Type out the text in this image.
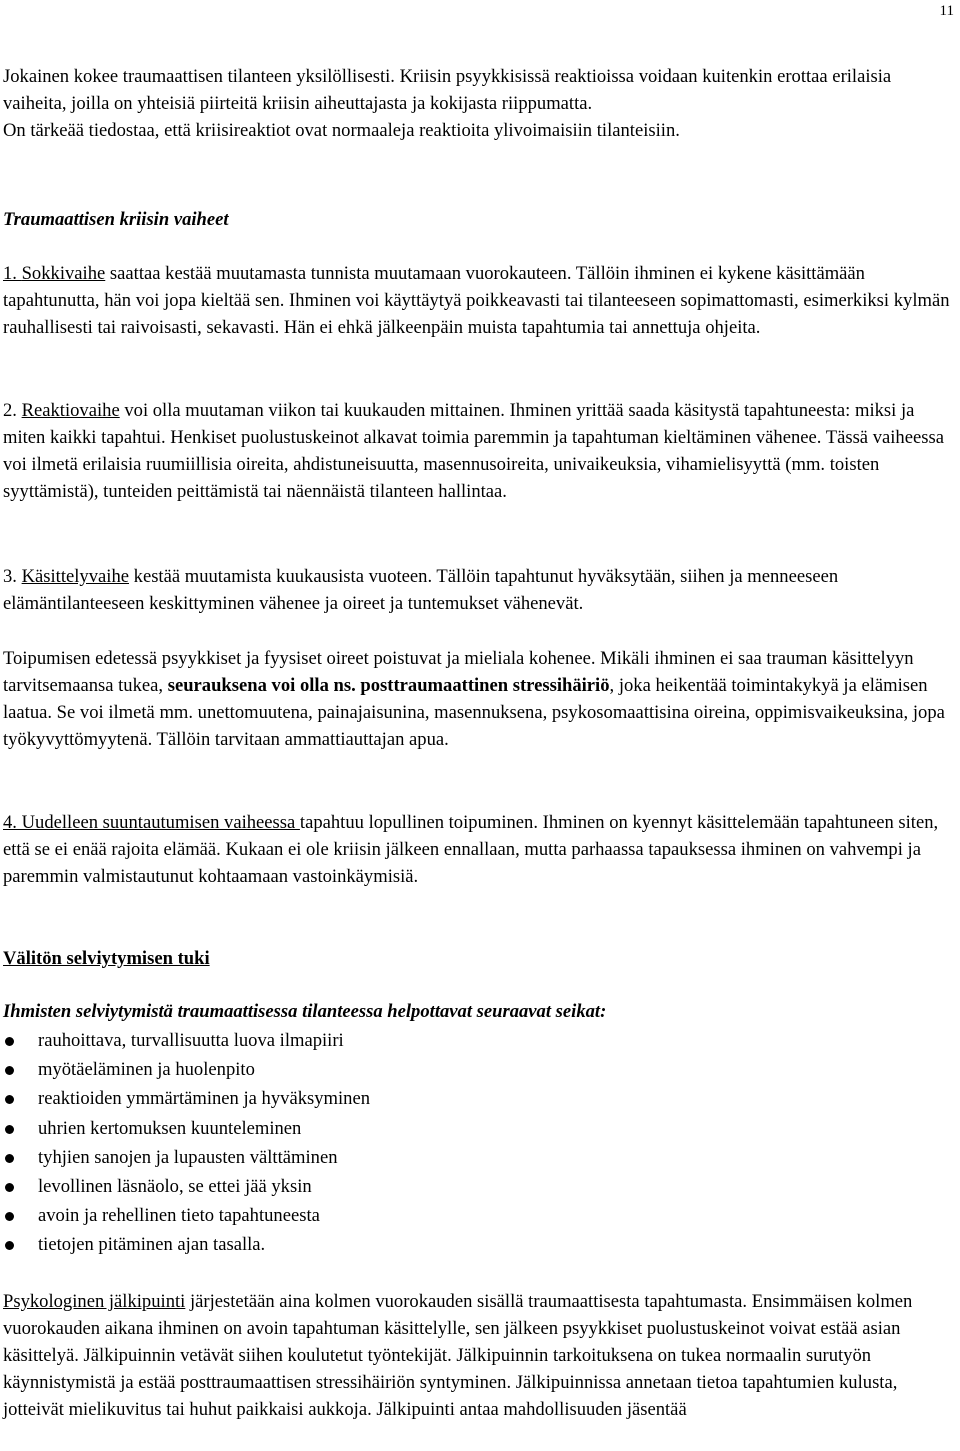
11

Jokainen kokee traumaattisen tilanteen yksilöllisesti. Kriisin psyykkisissä reaktioissa voidaan kuitenkin erottaa erilaisia vaiheita, joilla on yhteisiä piirteitä kriisin aiheuttajasta ja kokijasta riippumatta.

On tärkeää tiedostaa, että kriisireaktiot ovat normaaleja reaktioita ylivoimaisiin tilanteisiin.

Traumaattisen kriisin vaiheet

1. Sokkivaihe saattaa kestää muutamasta tunnista muutamaan vuorokauteen. Tällöin ihminen ei kykene käsittämään tapahtunutta, hän voi jopa kieltää sen. Ihminen voi käyttäytyä poikkeavasti tai tilanteeseen sopimattomasti, esimerkiksi kylmän rauhallisesti tai raivoisasti, sekavasti. Hän ei ehkä jälkeenpäin muista tapahtumia tai annettuja ohjeita.

2. Reaktiovaihe voi olla muutaman viikon tai kuukauden mittainen. Ihminen yrittää saada käsitystä tapahtuneesta: miksi ja miten kaikki tapahtui. Henkiset puolustuskeinot alkavat toimia paremmin ja tapahtuman kieltäminen vähenee. Tässä vaiheessa voi ilmetä erilaisia ruumiillisia oireita, ahdistuneisuutta, masennusoireita, univaikeuksia, vihamielisyyttä (mm. toisten syyttämistä), tunteiden peittämistä tai näennäistä tilanteen hallintaa.

3. Käsittelyvaihe kestää muutamista kuukausista vuoteen. Tällöin tapahtunut hyväksytään, siihen ja menneeseen elämäntilanteeseen keskittyminen vähenee ja oireet ja tuntemukset vähenevät.

Toipumisen edetessä psyykkiset ja fyysiset oireet poistuvat ja mieliala kohenee. Mikäli ihminen ei saa trauman käsittelyyn tarvitsemaansa tukea, seurauksena voi olla ns. posttraumaattinen stressihäiriö, joka heikentää toimintakykyä ja elämisen laatua. Se voi ilmetä mm. unettomuutena, painajaisunina, masennuksena, psykosomaattisina oireina, oppimisvaikeuksina, jopa työkyvyttömyytenä. Tällöin tarvitaan ammattiauttajan apua.

4. Uudelleen suuntautumisen vaiheessa tapahtuu lopullinen toipuminen. Ihminen on kyennyt käsittelemään tapahtuneen siten, että se ei enää rajoita elämää. Kukaan ei ole kriisin jälkeen ennallaan, mutta parhaassa tapauksessa ihminen on vahvempi ja paremmin valmistautunut kohtaamaan vastoinkäymisiä.

Välitön selviytymisen tuki

Ihmisten selviytymistä traumaattisessa tilanteessa helpottavat seuraavat seikat:

rauhoittava, turvallisuutta luova ilmapiiri
myötäeläminen ja huolenpito
reaktioiden ymmärtäminen ja hyväksyminen
uhrien kertomuksen kuunteleminen
tyhjien sanojen ja lupausten välttäminen
levollinen läsnäolo, se ettei jää yksin
avoin ja rehellinen tieto tapahtuneesta
tietojen pitäminen ajan tasalla.

Psykologinen jälkipuinti järjestetään aina kolmen vuorokauden sisällä traumaattisesta tapahtumasta. Ensimmäisen kolmen vuorokauden aikana ihminen on avoin tapahtuman käsittelylle, sen jälkeen psyykkiset puolustuskeinot voivat estää asian käsittelyä. Jälkipuinnin vetävät siihen koulutetut työntekijät. Jälkipuinnin tarkoituksena on tukea normaalin surutyön käynnistymistä ja estää posttraumaattisen stressihäiriön syntyminen. Jälkipuinnissa annetaan tietoa tapahtumien kulusta, jotteivät mielikuvitus tai huhut paikkaisi aukkoja. Jälkipuinti antaa mahdollisuuden jäsentää
